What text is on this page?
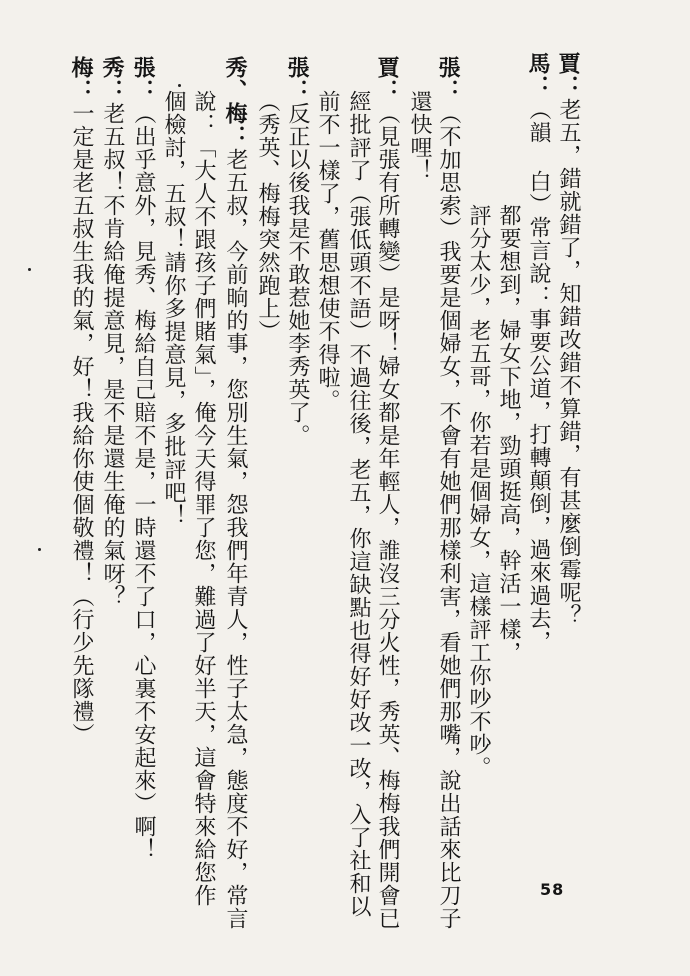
賈：老五，錯就錯了，知錯改錯不算錯，有甚麼倒霉呢？
馬：（韻 白）常言說：事要公道，打轉顛倒，過來過去，
都要想到，婦女下地，勁頭挺高，幹活一樣，
評分太少，老五哥，你若是個婦女，這樣評工你吵不吵。
張：（不加思索）我要是個婦女，不會有她們那樣利害，看她們那嘴，說出話來比刀子
還快哩！
賈：（見張有所轉變）是呀！婦女都是年輕人，誰沒三分火性，秀英、梅梅我們開會已
經批評了（張低頭不語）不過往後，老五，你這缺點也得好好改一改，入了社和以
前不一樣了，舊思想使不得啦。
張：反正以後我是不敢惹她李秀英了。
（秀英、梅梅突然跑上）
秀、梅：老五叔，今前晌的事，您別生氣，怨我們年青人，性子太急，態度不好，常言
說：「大人不跟孩子們賭氣」，俺今天得罪了您，難過了好半天，這會特來給您作
個檢討，五叔！請你多提意見，多批評吧！
張：（出乎意外，見秀、梅給自己賠不是，一時還不了口，心裏不安起來）啊！
秀：老五叔！不肯給俺提意見，是不是還生俺的氣呀？
梅：一定是老五叔生我的氣，好！我給你使個敬禮！（行少先隊禮）
58
